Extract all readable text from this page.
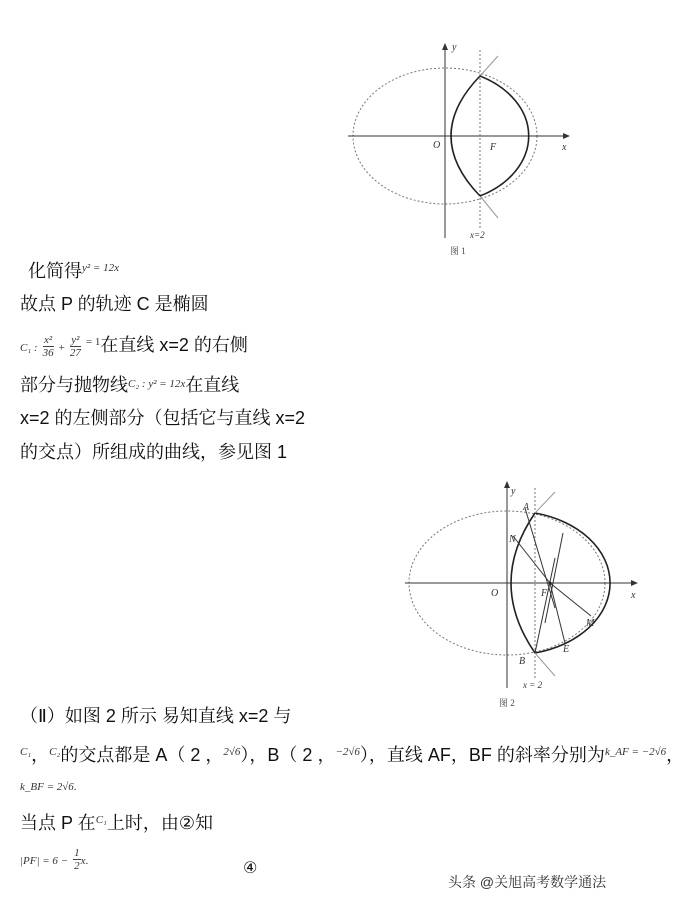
y
x
O	F
x=2
图 1
化简得$^{y^2 = 12x}$
故点 P 的轨迹 C 是椭圆
C₁ : $\frac{\text{x²}}{36} + \frac{\text{y²}}{27} ^{= 1}$在直线 x=2 的右侧
部分与抛物线$^{C_2 : y^2 = 12x}$在直线
x=2 的左侧部分（包括它与直线 x=2
的交点）所组成的曲线，参见图 1
y
x
O	F
A
N
B
M
E
x = 2
图 2
（Ⅱ）如图 2 所示 易知直线 x=2 与
$^{C_1}$，$^{C_2}$的交点都是 A（ 2 ，$^{2√6}$），B（ 2 ，$^{-2√6}$），直线 AF，BF 的斜率分别为$^{k\_AF = -2√6}$，
k_BF = 2√6.
当点 P 在$^{C_1}$上时，由②知
$|PF| = 6 - \frac{1}{2} x$.	④
头条 @关旭高考数学通法
